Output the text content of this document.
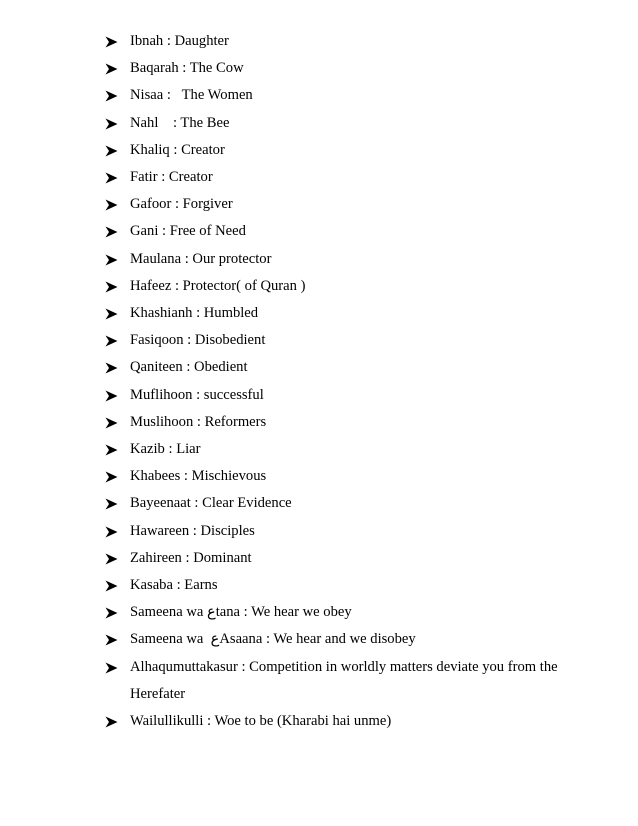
Ibnah : Daughter
Baqarah : The Cow
Nisaa :   The Women
Nahl    : The Bee
Khaliq : Creator
Fatir : Creator
Gafoor : Forgiver
Gani : Free of Need
Maulana : Our protector
Hafeez : Protector( of Quran )
Khashianh : Humbled
Fasiqoon : Disobedient
Qaniteen : Obedient
Muflihoon : successful
Muslihoon : Reformers
Kazib : Liar
Khabees : Mischievous
Bayeenaat : Clear Evidence
Hawareen : Disciples
Zahireen : Dominant
Kasaba : Earns
Sameena wa ﻉtana : We hear we obey
Sameena wa  ﻉAsaana : We hear and we disobey
Alhaqumuttakasur : Competition in worldly matters deviate you from the Herefater
Wailullikulli : Woe to be (Kharabi hai unme)
